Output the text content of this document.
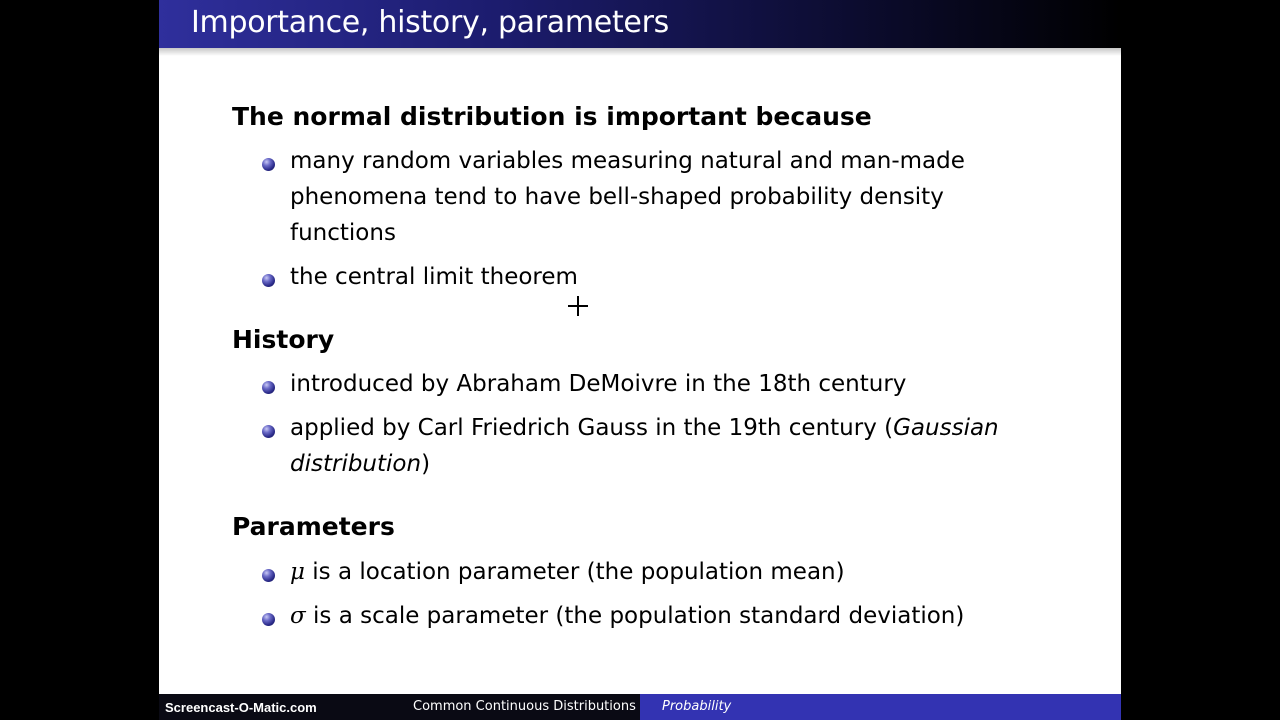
Importance, history, parameters
The normal distribution is important because
many random variables measuring natural and man-made
phenomena tend to have bell-shaped probability density
functions
the central limit theorem
History
introduced by Abraham DeMoivre in the 18th century
applied by Carl Friedrich Gauss in the 19th century (Gaussian
distribution)
Parameters
μ is a location parameter (the population mean)
σ is a scale parameter (the population standard deviation)
Common Continuous Distributions Probability
Screencast-O-Matic.com
